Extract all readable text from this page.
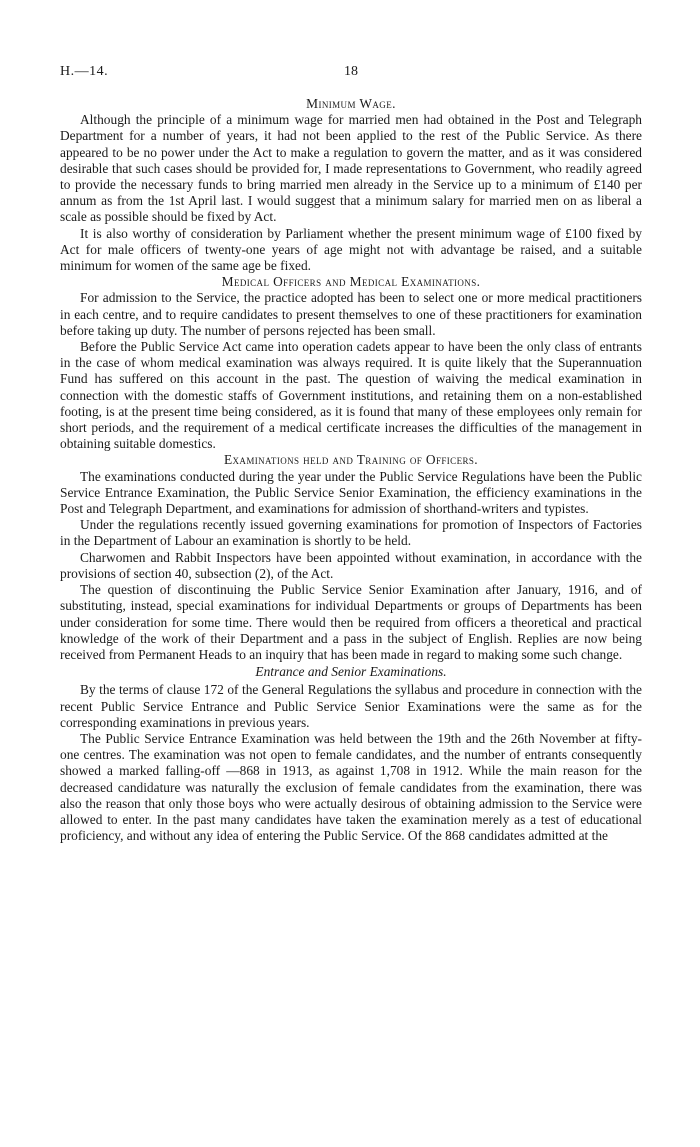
H.—14.	18
Minimum Wage.

Although the principle of a minimum wage for married men had obtained in the Post and Telegraph Department for a number of years, it had not been applied to the rest of the Public Service. As there appeared to be no power under the Act to make a regulation to govern the matter, and as it was considered desirable that such cases should be provided for, I made representations to Government, who readily agreed to provide the necessary funds to bring married men already in the Service up to a minimum of £140 per annum as from the 1st April last. I would suggest that a minimum salary for married men on as liberal a scale as possible should be fixed by Act.

It is also worthy of consideration by Parliament whether the present minimum wage of £100 fixed by Act for male officers of twenty-one years of age might not with advantage be raised, and a suitable minimum for women of the same age be fixed.

Medical Officers and Medical Examinations.

For admission to the Service, the practice adopted has been to select one or more medical practitioners in each centre, and to require candidates to present themselves to one of these practitioners for examination before taking up duty. The number of persons rejected has been small.

Before the Public Service Act came into operation cadets appear to have been the only class of entrants in the case of whom medical examination was always required. It is quite likely that the Superannuation Fund has suffered on this account in the past. The question of waiving the medical examination in connection with the domestic staffs of Government institutions, and retaining them on a non-established footing, is at the present time being considered, as it is found that many of these employees only remain for short periods, and the requirement of a medical certificate increases the difficulties of the management in obtaining suitable domestics.

Examinations held and Training of Officers.

The examinations conducted during the year under the Public Service Regulations have been the Public Service Entrance Examination, the Public Service Senior Examination, the efficiency examinations in the Post and Telegraph Department, and examinations for admission of shorthand-writers and typistes.

Under the regulations recently issued governing examinations for promotion of Inspectors of Factories in the Department of Labour an examination is shortly to be held.

Charwomen and Rabbit Inspectors have been appointed without examination, in accordance with the provisions of section 40, subsection (2), of the Act.

The question of discontinuing the Public Service Senior Examination after January, 1916, and of substituting, instead, special examinations for individual Departments or groups of Departments has been under consideration for some time. There would then be required from officers a theoretical and practical knowledge of the work of their Department and a pass in the subject of English. Replies are now being received from Permanent Heads to an inquiry that has been made in regard to making some such change.

Entrance and Senior Examinations.

By the terms of clause 172 of the General Regulations the syllabus and procedure in connection with the recent Public Service Entrance and Public Service Senior Examinations were the same as for the corresponding examinations in previous years.

The Public Service Entrance Examination was held between the 19th and the 26th November at fifty-one centres. The examination was not open to female candidates, and the number of entrants consequently showed a marked falling-off —868 in 1913, as against 1,708 in 1912. While the main reason for the decreased candidature was naturally the exclusion of female candidates from the examination, there was also the reason that only those boys who were actually desirous of obtaining admission to the Service were allowed to enter. In the past many candidates have taken the examination merely as a test of educational proficiency, and without any idea of entering the Public Service. Of the 868 candidates admitted at the
